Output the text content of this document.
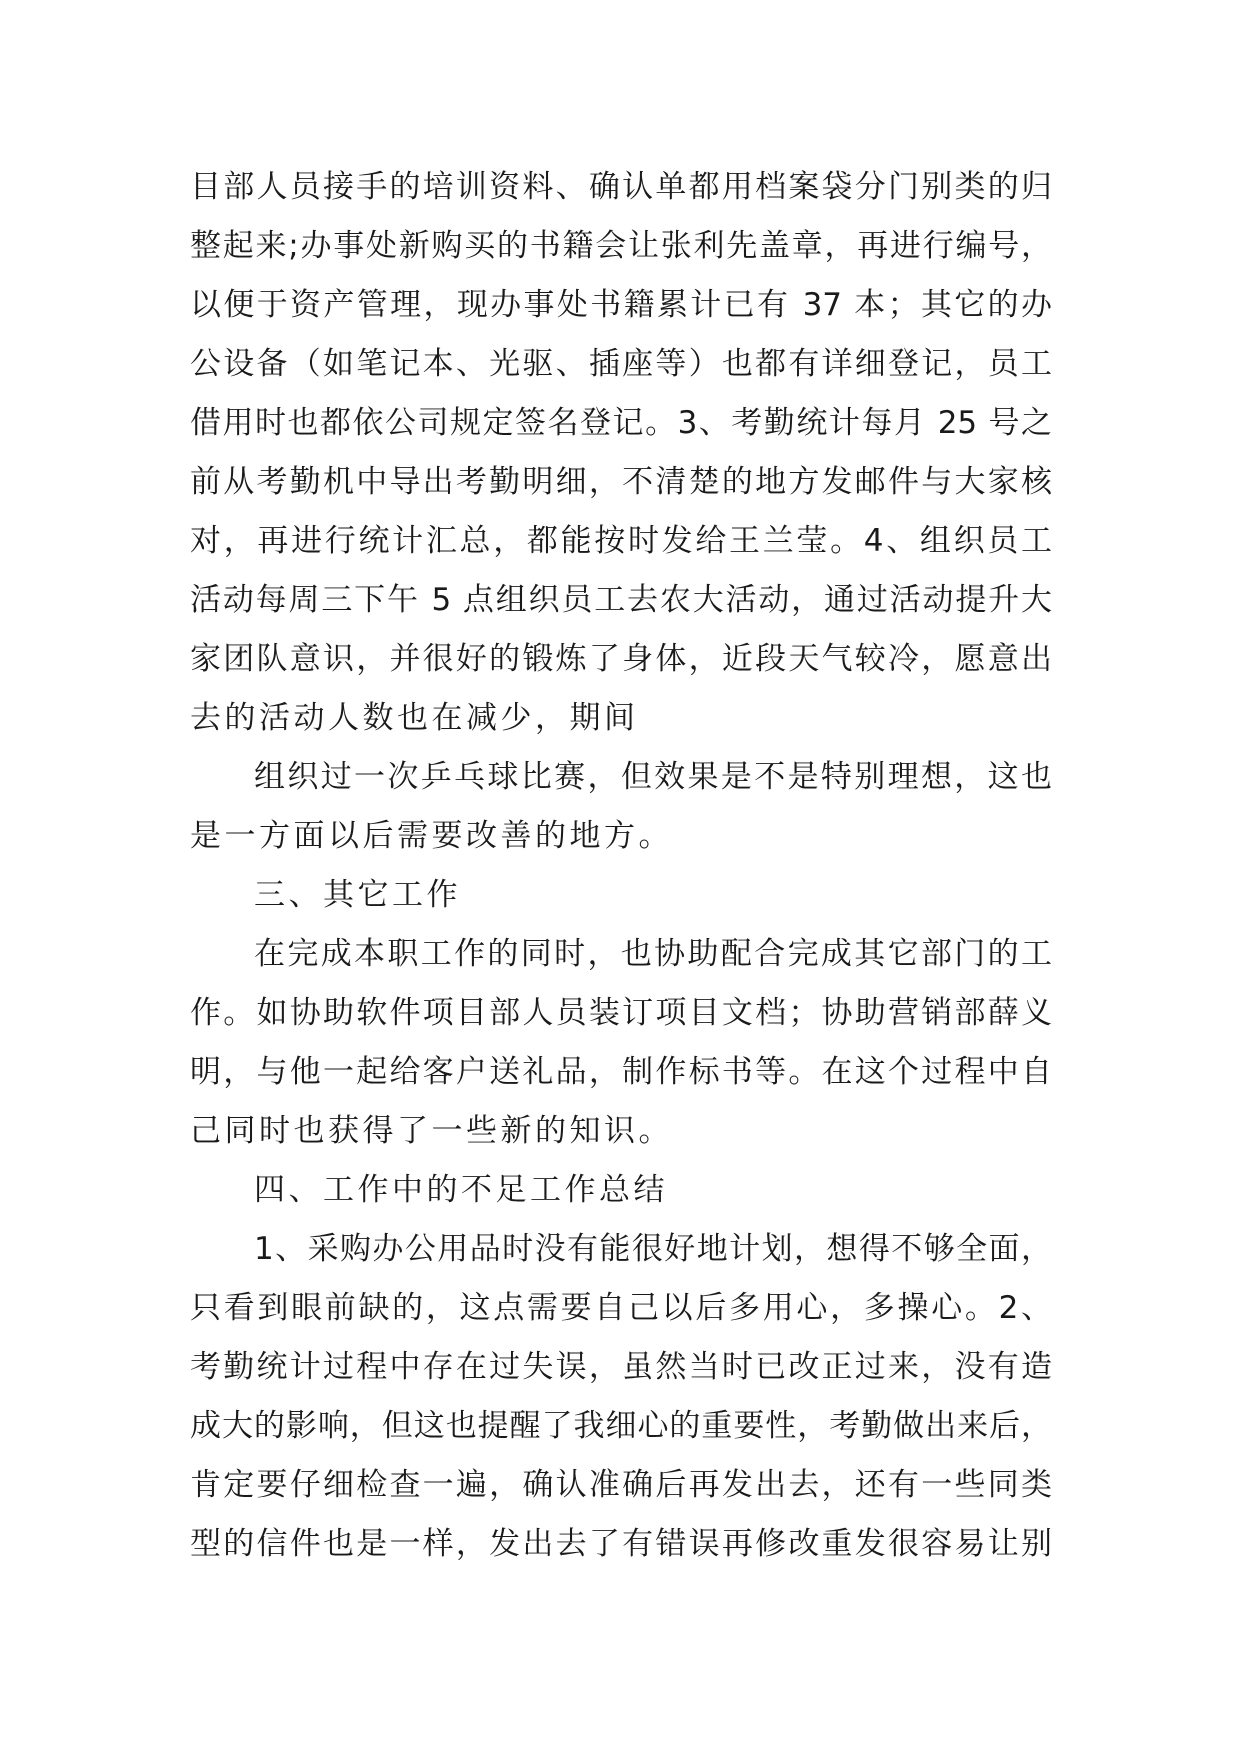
目部人员接手的培训资料、确认单都用档案袋分门别类的归
整起来;办事处新购买的书籍会让张利先盖章，再进行编号，
以便于资产管理，现办事处书籍累计已有 37 本；其它的办
公设备（如笔记本、光驱、插座等）也都有详细登记，员工
借用时也都依公司规定签名登记。3、考勤统计每月 25 号之
前从考勤机中导出考勤明细，不清楚的地方发邮件与大家核
对，再进行统计汇总，都能按时发给王兰莹。4、组织员工
活动每周三下午 5 点组织员工去农大活动，通过活动提升大
家团队意识，并很好的锻炼了身体，近段天气较冷，愿意出
去的活动人数也在减少，期间
组织过一次乒乓球比赛，但效果是不是特别理想，这也
是一方面以后需要改善的地方。
三、其它工作
在完成本职工作的同时，也协助配合完成其它部门的工
作。如协助软件项目部人员装订项目文档；协助营销部薛义
明，与他一起给客户送礼品，制作标书等。在这个过程中自
己同时也获得了一些新的知识。
四、工作中的不足工作总结
1、采购办公用品时没有能很好地计划，想得不够全面，
只看到眼前缺的，这点需要自己以后多用心，多操心。2、
考勤统计过程中存在过失误，虽然当时已改正过来，没有造
成大的影响，但这也提醒了我细心的重要性，考勤做出来后，
肯定要仔细检查一遍，确认准确后再发出去，还有一些同类
型的信件也是一样，发出去了有错误再修改重发很容易让别
